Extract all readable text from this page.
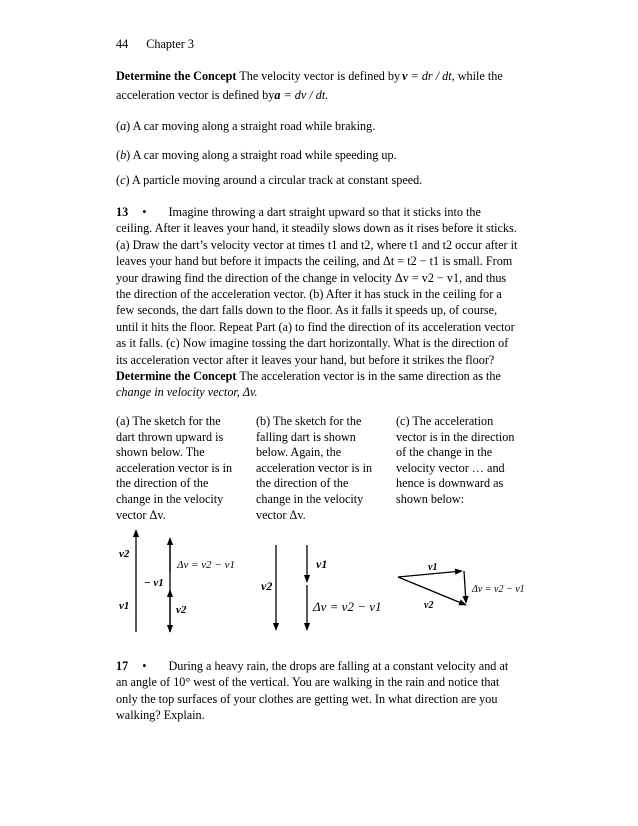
44 Chapter 3
Determine the Concept The velocity vector is defined by v = dr / dt, while the
acceleration vector is defined bya = dv / dt.
(a) A car moving along a straight road while braking.
(b) A car moving along a straight road while speeding up.
(c) A particle moving around a circular track at constant speed.
13 • Imagine throwing a dart straight upward so that it sticks into the
ceiling. After it leaves your hand, it steadily slows down as it rises before it sticks.
(a) Draw the dart’s velocity vector at times t1 and t2, where t1 and t2 occur after it
leaves your hand but before it impacts the ceiling, and Δt = t2 − t1 is small. From
your drawing find the direction of the change in velocity Δv = v2 − v1, and thus
the direction of the acceleration vector. (b) After it has stuck in the ceiling for a
few seconds, the dart falls down to the floor. As it falls it speeds up, of course,
until it hits the floor. Repeat Part (a) to find the direction of its acceleration vector
as it falls. (c) Now imagine tossing the dart horizontally. What is the direction of
its acceleration vector after it leaves your hand, but before it strikes the floor?
Determine the Concept The acceleration vector is in the same direction as the
change in velocity vector, Δv.
(a) The sketch for the
dart thrown upward is
shown below. The
acceleration vector is in
the direction of the
change in the velocity
vector Δv.
(b) The sketch for the
falling dart is shown
below. Again, the
acceleration vector is in
the direction of the
change in the velocity
vector Δv.
(c) The acceleration
vector is in the direction
of the change in the
velocity vector … and
hence is downward as
shown below:
v2
Δv = v2 − v1
− v1
v1	v2
v1
v2
Δv = v2 − v1
v1
v2
Δv = v2 − v1
17 • During a heavy rain, the drops are falling at a constant velocity and at
an angle of 10° west of the vertical. You are walking in the rain and notice that
only the top surfaces of your clothes are getting wet. In what direction are you
walking? Explain.
